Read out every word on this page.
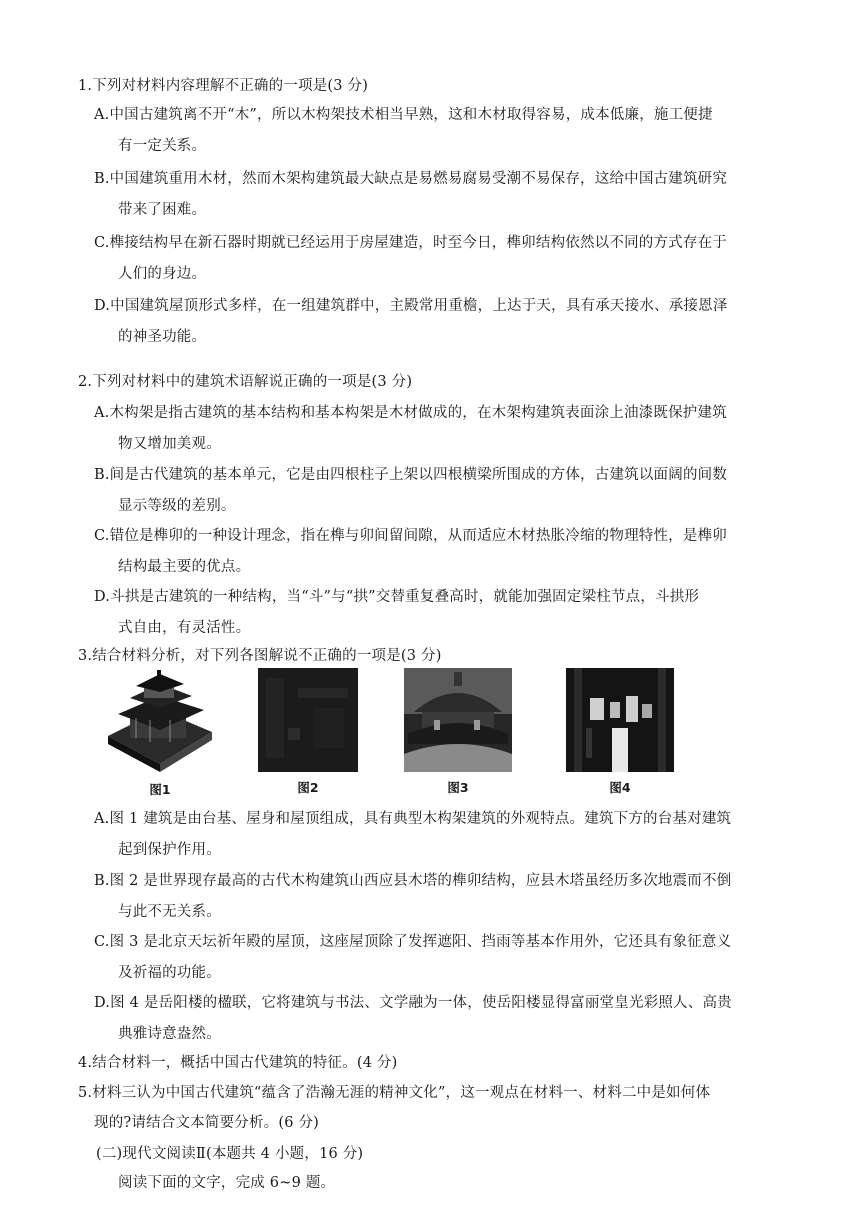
1.下列对材料内容理解不正确的一项是(3 分)
A.中国古建筑离不开“木”，所以木构架技术相当早熟，这和木材取得容易，成本低廉，施工便捷
有一定关系。
B.中国建筑重用木材，然而木架构建筑最大缺点是易燃易腐易受潮不易保存，这给中国古建筑研究
带来了困难。
C.榫接结构早在新石器时期就已经运用于房屋建造，时至今日，榫卯结构依然以不同的方式存在于
人们的身边。
D.中国建筑屋顶形式多样，在一组建筑群中，主殿常用重檐，上达于天，具有承天接水、承接恩泽
的神圣功能。
2.下列对材料中的建筑术语解说正确的一项是(3 分)
A.木构架是指古建筑的基本结构和基本构架是木材做成的，在木架构建筑表面涂上油漆既保护建筑
物又增加美观。
B.间是古代建筑的基本单元，它是由四根柱子上架以四根横梁所围成的方体，古建筑以面阔的间数
显示等级的差别。
C.错位是榫卯的一种设计理念，指在榫与卯间留间隙，从而适应木材热胀冷缩的物理特性，是榫卯
结构最主要的优点。
D.斗拱是古建筑的一种结构，当“斗”与“拱”交替重复叠高时，就能加强固定梁柱节点，斗拱形
式自由，有灵活性。
3.结合材料分析，对下列各图解说不正确的一项是(3 分)
图1	图2	图3	图4
A.图 1 建筑是由台基、屋身和屋顶组成，具有典型木构架建筑的外观特点。建筑下方的台基对建筑
起到保护作用。
B.图 2 是世界现存最高的古代木构建筑山西应县木塔的榫卯结构，应县木塔虽经历多次地震而不倒
与此不无关系。
C.图 3 是北京天坛祈年殿的屋顶，这座屋顶除了发挥遮阳、挡雨等基本作用外，它还具有象征意义
及祈福的功能。
D.图 4 是岳阳楼的楹联，它将建筑与书法、文学融为一体，使岳阳楼显得富丽堂皇光彩照人、高贵
典雅诗意盎然。
4.结合材料一，概括中国古代建筑的特征。(4 分)
5.材料三认为中国古代建筑“蕴含了浩瀚无涯的精神文化”，这一观点在材料一、材料二中是如何体
现的?请结合文本简要分析。(6 分)
(二)现代文阅读Ⅱ(本题共 4 小题，16 分)
阅读下面的文字，完成 6~9 题。
